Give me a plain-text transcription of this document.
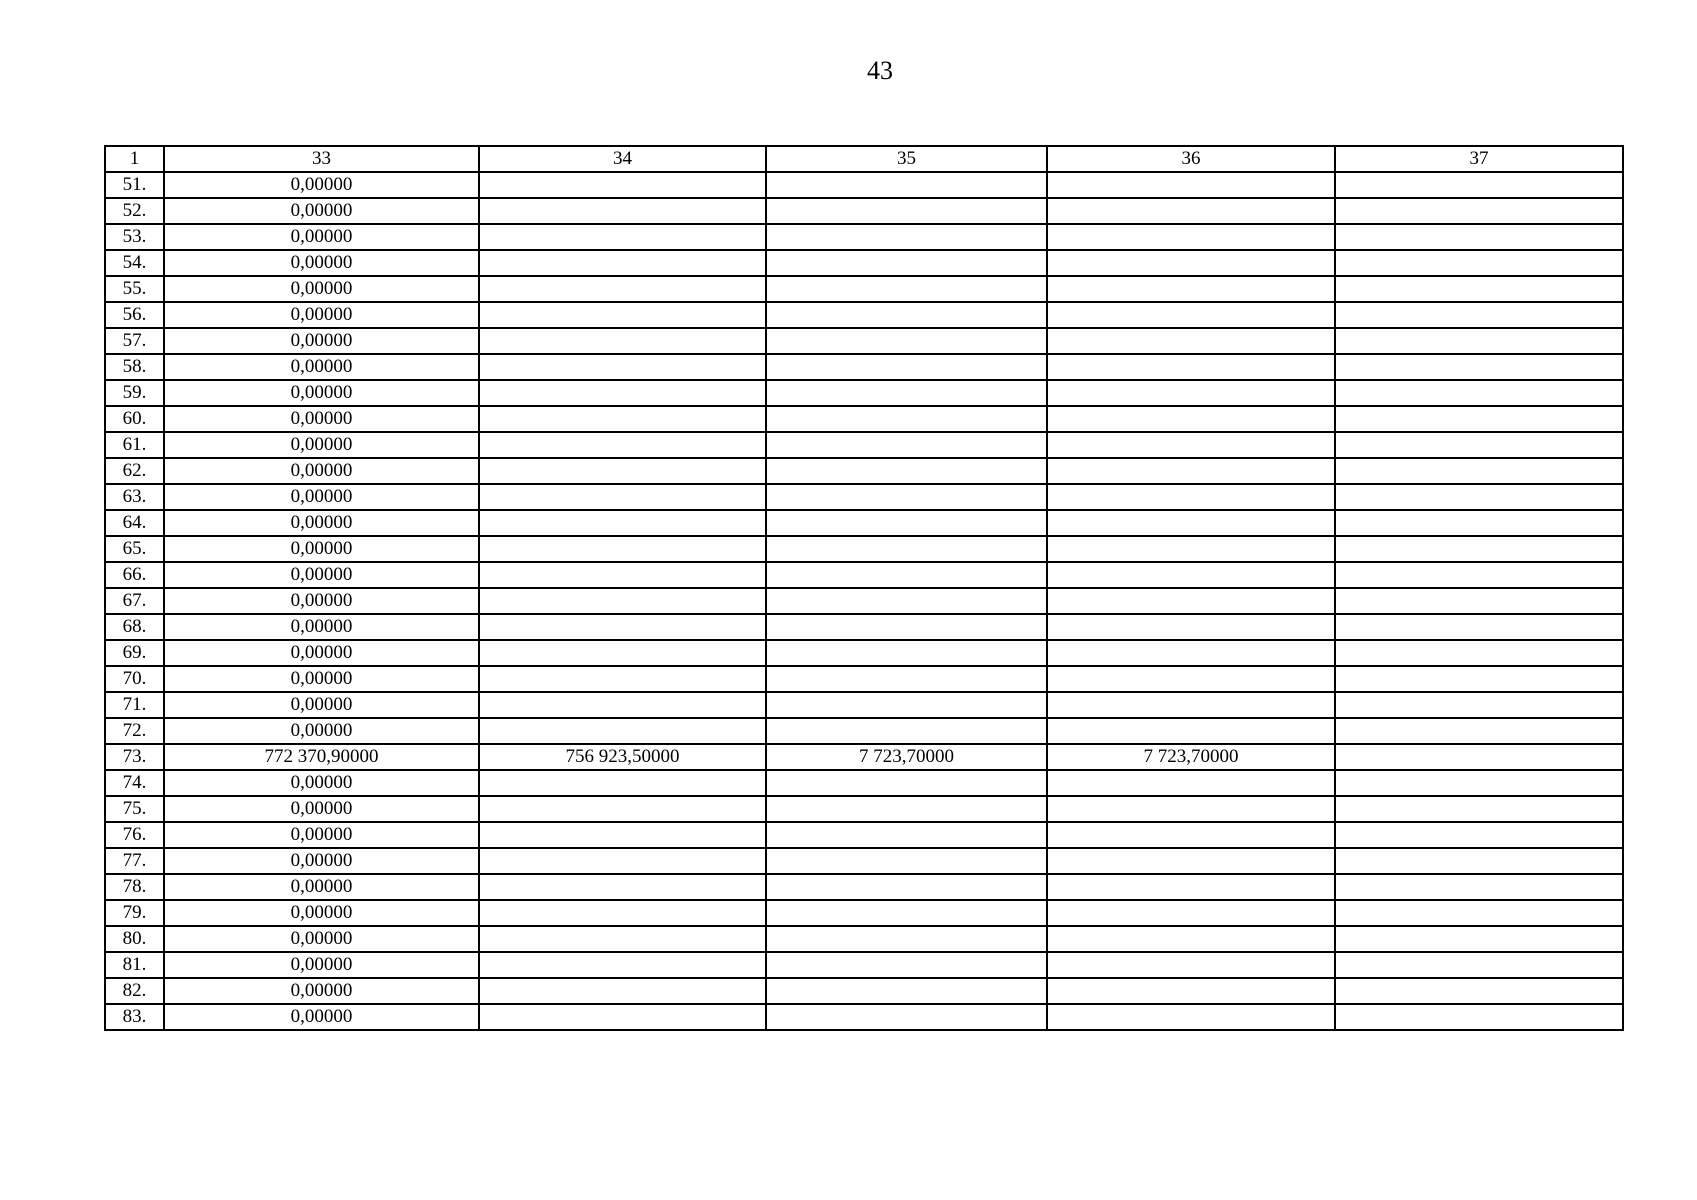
43
1	33	34	35	36	37
51.	0,00000				
52.	0,00000				
53.	0,00000				
54.	0,00000				
55.	0,00000				
56.	0,00000				
57.	0,00000				
58.	0,00000				
59.	0,00000				
60.	0,00000				
61.	0,00000				
62.	0,00000				
63.	0,00000				
64.	0,00000				
65.	0,00000				
66.	0,00000				
67.	0,00000				
68.	0,00000				
69.	0,00000				
70.	0,00000				
71.	0,00000				
72.	0,00000				
73.	772 370,90000	756 923,50000	7 723,70000	7 723,70000	
74.	0,00000				
75.	0,00000				
76.	0,00000				
77.	0,00000				
78.	0,00000				
79.	0,00000				
80.	0,00000				
81.	0,00000				
82.	0,00000				
83.	0,00000				
